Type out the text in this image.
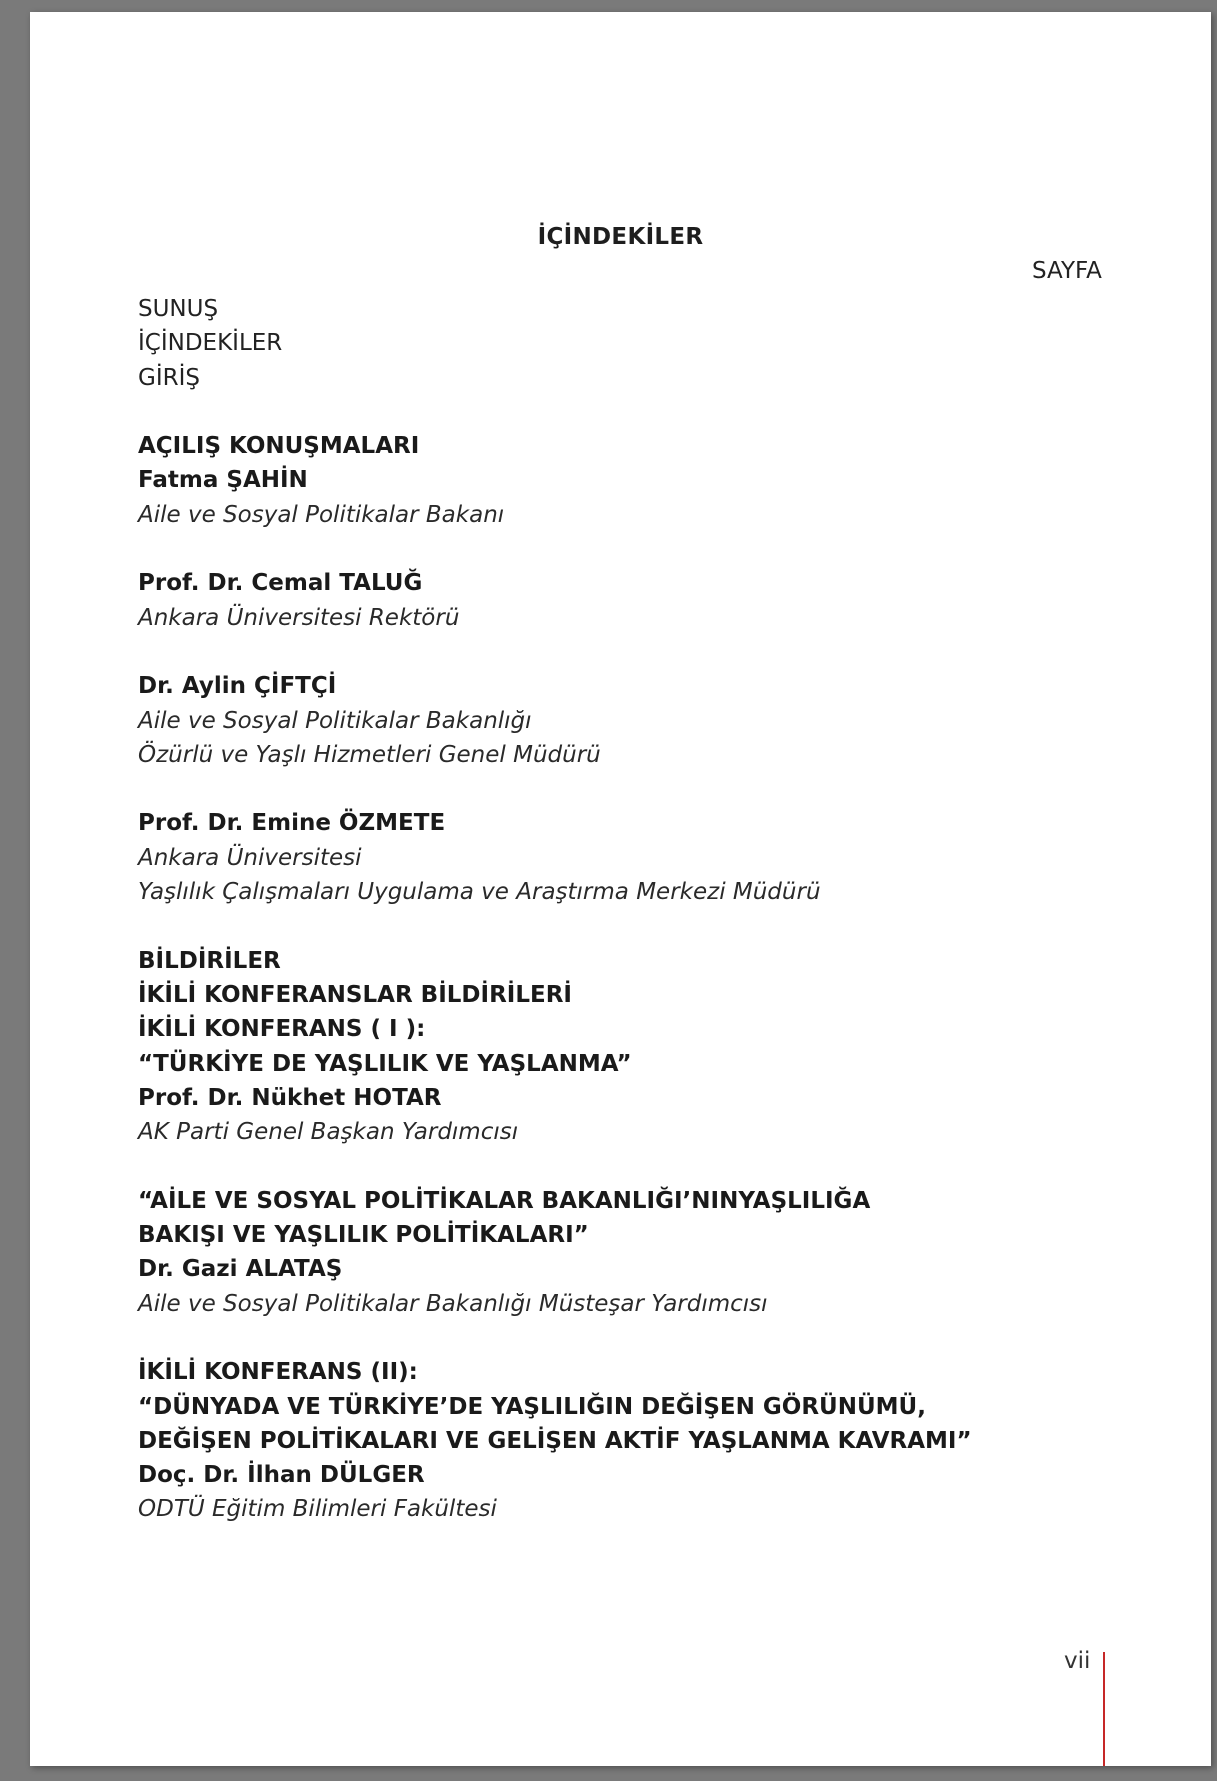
İÇİNDEKİLER
SAYFA
SUNUŞ
İÇİNDEKİLER
GİRİŞ
AÇILIŞ KONUŞMALARI
Fatma ŞAHİN
Aile ve Sosyal Politikalar Bakanı
Prof. Dr. Cemal TALUĞ
Ankara Üniversitesi Rektörü
Dr. Aylin ÇİFTÇİ
Aile ve Sosyal Politikalar Bakanlığı
Özürlü ve Yaşlı Hizmetleri Genel Müdürü
Prof. Dr. Emine ÖZMETE
Ankara Üniversitesi
Yaşlılık Çalışmaları Uygulama ve Araştırma Merkezi Müdürü
BİLDİRİLER
İKİLİ KONFERANSLAR BİLDİRİLERİ
İKİLİ KONFERANS ( I ):
“TÜRKİYE DE YAŞLILIK VE YAŞLANMA”
Prof. Dr. Nükhet HOTAR
AK Parti Genel Başkan Yardımcısı
“AİLE VE SOSYAL POLİTİKALAR BAKANLIĞI’NINYAŞLILIĞA
BAKIŞI VE YAŞLILIK POLİTİKALARI”
Dr. Gazi ALATAŞ
Aile ve Sosyal Politikalar Bakanlığı Müsteşar Yardımcısı
İKİLİ KONFERANS (II):
“DÜNYADA VE TÜRKİYE’DE YAŞLILIĞIN DEĞİŞEN GÖRÜNÜMÜ,
DEĞİŞEN POLİTİKALARI VE GELİŞEN AKTİF YAŞLANMA KAVRAMI”
Doç. Dr. İlhan DÜLGER
ODTÜ Eğitim Bilimleri Fakültesi
vii
